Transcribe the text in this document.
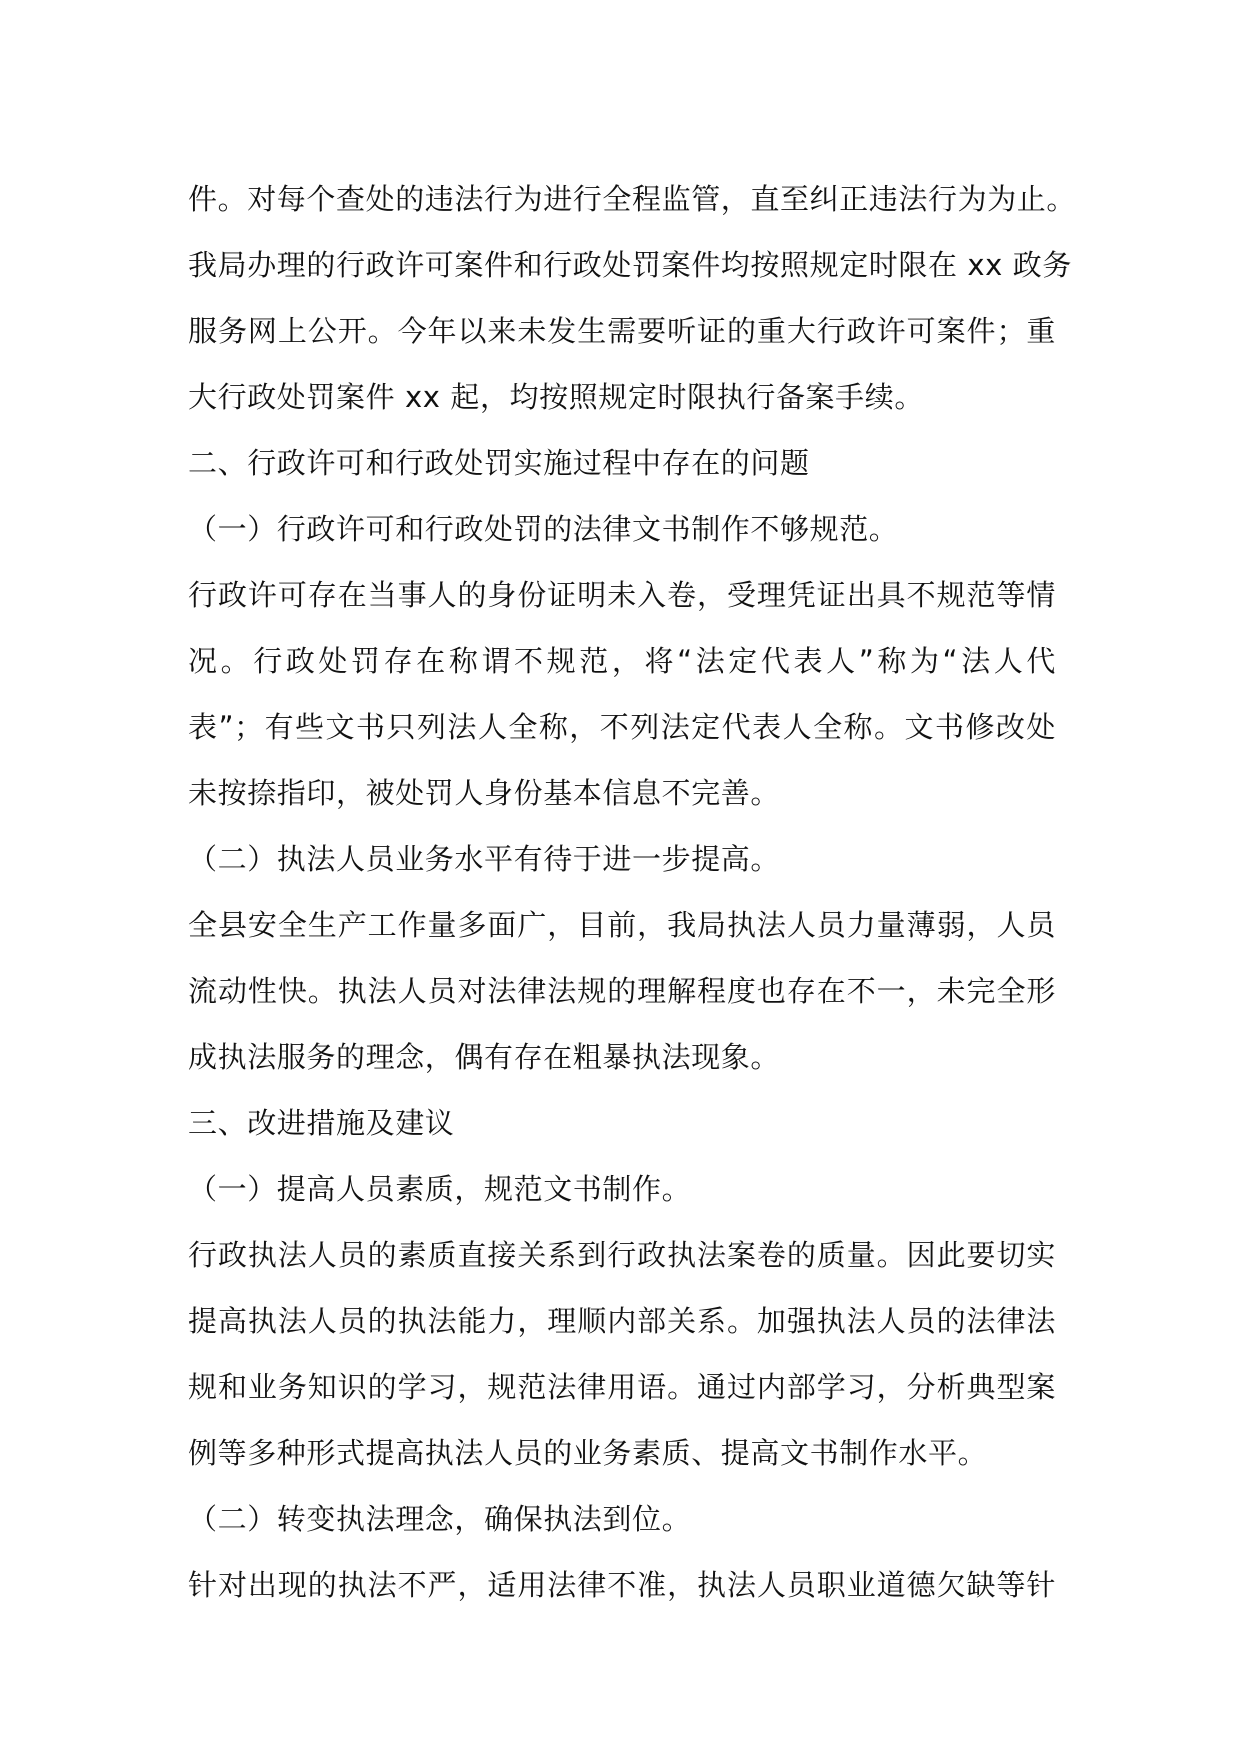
件。对每个查处的违法行为进行全程监管，直至纠正违法行为为止。
我局办理的行政许可案件和行政处罚案件均按照规定时限在 xx 政务
服务网上公开。今年以来未发生需要听证的重大行政许可案件；重
大行政处罚案件 xx 起，均按照规定时限执行备案手续。
二、行政许可和行政处罚实施过程中存在的问题
（一）行政许可和行政处罚的法律文书制作不够规范。
行政许可存在当事人的身份证明未入卷，受理凭证出具不规范等情
况。行政处罚存在称谓不规范，将“法定代表人”称为“法人代
表”；有些文书只列法人全称，不列法定代表人全称。文书修改处
未按捺指印，被处罚人身份基本信息不完善。
（二）执法人员业务水平有待于进一步提高。
全县安全生产工作量多面广，目前，我局执法人员力量薄弱，人员
流动性快。执法人员对法律法规的理解程度也存在不一，未完全形
成执法服务的理念，偶有存在粗暴执法现象。
三、改进措施及建议
（一）提高人员素质，规范文书制作。
行政执法人员的素质直接关系到行政执法案卷的质量。因此要切实
提高执法人员的执法能力，理顺内部关系。加强执法人员的法律法
规和业务知识的学习，规范法律用语。通过内部学习，分析典型案
例等多种形式提高执法人员的业务素质、提高文书制作水平。
（二）转变执法理念，确保执法到位。
针对出现的执法不严，适用法律不准，执法人员职业道德欠缺等针
